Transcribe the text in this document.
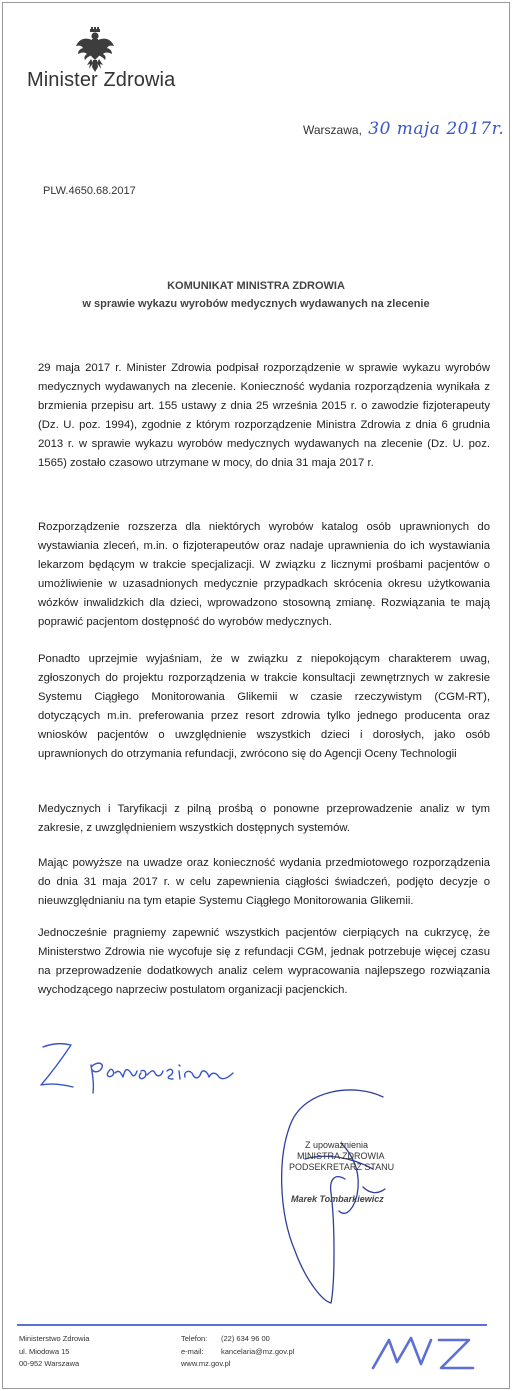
Minister Zdrowia
Warszawa, 30 maja 2017r.
PLW.4650.68.2017
KOMUNIKAT MINISTRA ZDROWIA
w sprawie wykazu wyrobów medycznych wydawanych na zlecenie

29 maja 2017 r. Minister Zdrowia podpisał rozporządzenie w sprawie wykazu wyrobów medycznych wydawanych na zlecenie. Konieczność wydania rozporządzenia wynikała z brzmienia przepisu art. 155 ustawy z dnia 25 września 2015 r. o zawodzie fizjoterapeuty (Dz. U. poz. 1994), zgodnie z którym rozporządzenie Ministra Zdrowia z dnia 6 grudnia 2013 r. w sprawie wykazu wyrobów medycznych wydawanych na zlecenie (Dz. U. poz. 1565) zostało czasowo utrzymane w mocy, do dnia 31 maja 2017 r.

Rozporządzenie rozszerza dla niektórych wyrobów katalog osób uprawnionych do wystawiania zleceń, m.in. o fizjoterapeutów oraz nadaje uprawnienia do ich wystawiania lekarzom będącym w trakcie specjalizacji. W związku z licznymi prośbami pacjentów o umożliwienie w uzasadnionych medycznie przypadkach skrócenia okresu użytkowania wózków inwalidzkich dla dzieci, wprowadzono stosowną zmianę. Rozwiązania te mają poprawić pacjentom dostępność do wyrobów medycznych.

Ponadto uprzejmie wyjaśniam, że w związku z niepokojącym charakterem uwag, zgłoszonych do projektu rozporządzenia w trakcie konsultacji zewnętrznych w zakresie Systemu Ciągłego Monitorowania Glikemii w czasie rzeczywistym (CGM-RT), dotyczących m.in. preferowania przez resort zdrowia tylko jednego producenta oraz wniosków pacjentów o uwzględnienie wszystkich dzieci i dorosłych, jako osób uprawnionych do otrzymania refundacji, zwrócono się do Agencji Oceny Technologii

Medycznych i Taryfikacji z pilną prośbą o ponowne przeprowadzenie analiz w tym zakresie, z uwzględnieniem wszystkich dostępnych systemów.

Mając powyższe na uwadze oraz konieczność wydania przedmiotowego rozporządzenia do dnia 31 maja 2017 r. w celu zapewnienia ciągłości świadczeń, podjęto decyzje o nieuwzględnianiu na tym etapie Systemu Ciągłego Monitorowania Glikemii.

Jednocześnie pragniemy zapewnić wszystkich pacjentów cierpiących na cukrzycę, że Ministerstwo Zdrowia nie wycofuje się z refundacji CGM, jednak potrzebuje więcej czasu na przeprowadzenie dodatkowych analiz celem wypracowania najlepszego rozwiązania wychodzącego naprzeciw postulatom organizacji pacjenckich.

Z upoważnienia
MINISTRA ZDROWIA
PODSEKRETARZ STANU
Marek Tombarkiewicz
Ministerstwo Zdrowia
ul. Miodowa 15
00-952 Warszawa
Telefon:
e-mail:
(22) 634 96 00
kancelaria@mz.gov.pl
www.mz.gov.pl
